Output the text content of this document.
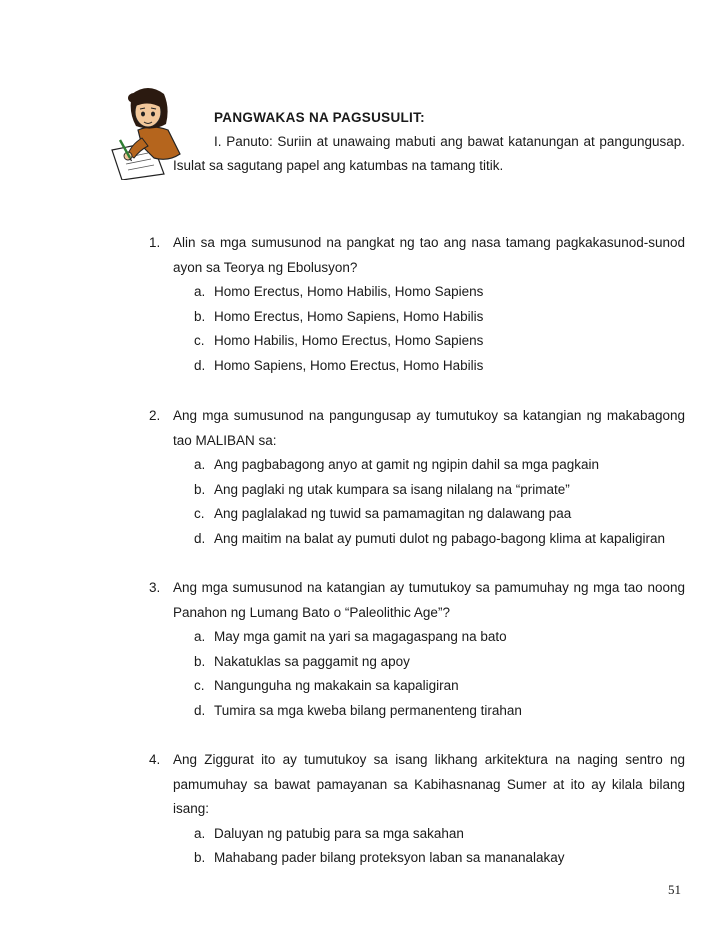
PANGWAKAS NA PAGSUSULIT:
I. Panuto: Suriin at unawaing mabuti ang bawat katanungan at pangungusap. Isulat sa sagutang papel ang katumbas na tamang titik.
1. Alin sa mga sumusunod na pangkat ng tao ang nasa tamang pagkakasunod-sunod ayon sa Teorya ng Ebolusyon?
a. Homo Erectus, Homo Habilis, Homo Sapiens
b. Homo Erectus, Homo Sapiens, Homo Habilis
c. Homo Habilis, Homo Erectus, Homo Sapiens
d. Homo Sapiens, Homo Erectus, Homo Habilis
2. Ang mga sumusunod na pangungusap ay tumutukoy sa katangian ng makabagong tao MALIBAN sa:
a. Ang pagbabagong anyo at gamit ng ngipin dahil sa mga pagkain
b. Ang paglaki ng utak kumpara sa isang nilalang na “primate”
c. Ang paglalakad ng tuwid sa pamamagitan ng dalawang paa
d. Ang maitim na balat ay pumuti dulot ng pabago-bagong klima at kapaligiran
3. Ang mga sumusunod na katangian ay tumutukoy sa pamumuhay ng mga tao noong Panahon ng Lumang Bato o “Paleolithic Age”?
a. May mga gamit na yari sa magagaspang na bato
b. Nakatuklas sa paggamit ng apoy
c. Nangunguha ng makakain sa kapaligiran
d. Tumira sa mga kweba bilang permanenteng tirahan
4. Ang Ziggurat ito ay tumutukoy sa isang likhang arkitektura na naging sentro ng pamumuhay sa bawat pamayanan sa Kabihasnanag Sumer at ito ay kilala bilang isang:
a. Daluyan ng patubig para sa mga sakahan
b. Mahabang pader bilang proteksyon laban sa mananalakay
51
